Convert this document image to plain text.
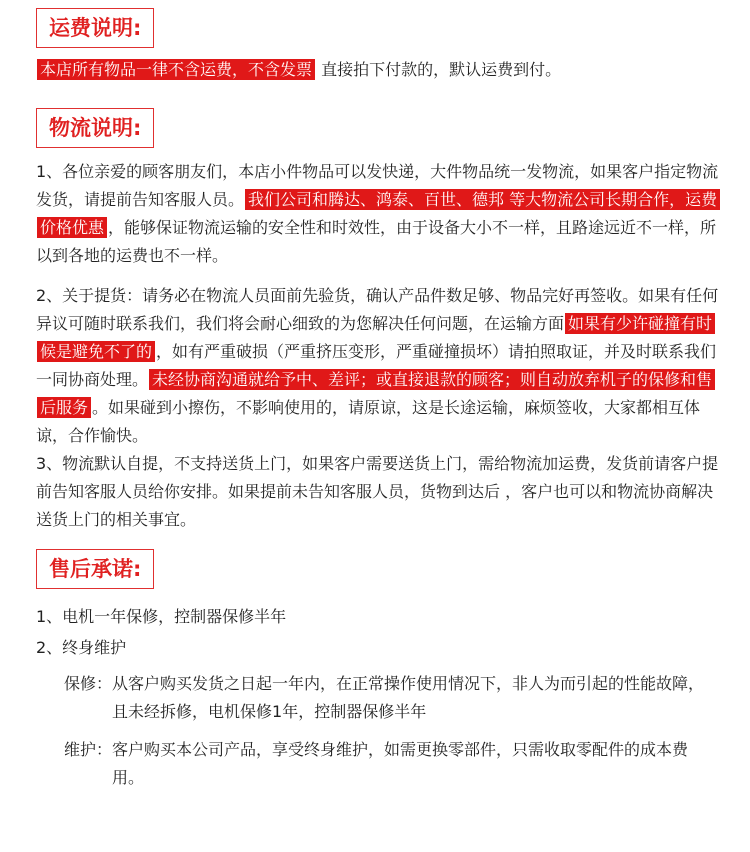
运费说明:
本店所有物品一律不含运费，不含发票 直接拍下付款的，默认运费到付。
物流说明:
1、各位亲爱的顾客朋友们，本店小件物品可以发快递，大件物品统一发物流，如果客户指定物流发货，请提前告知客服人员。 我们公司和腾达、鸿泰、百世、德邦 等大物流公司长期合作，运费价格优惠 ，能够保证物流运输的安全性和时效性，由于设备大小不一样，且路途远近不一样，所以到各地的运费也不一样。
2、关于提货：请务必在物流人员面前先验货，确认产品件数足够、物品完好再签收。如果有任何异议可随时联系我们，我们将会耐心细致的为您解决任何问题，在运输方面 如果有少许碰撞有时候是避免不了的 ，如有严重破损（严重挤压变形，严重碰撞损坏）请拍照取证，并及时联系我们一同协商处理。 未经协商沟通就给予中、差评；或直接退款的顾客；则自动放弃机子的保修和售后服务 。如果碰到小擦伤，不影响使用的，请原谅，这是长途运输，麻烦签收，大家都相互体谅，合作愉快。
3、物流默认自提，不支持送货上门，如果客户需要送货上门，需给物流加运费，发货前请客户提前告知客服人员给你安排。如果提前未告知客服人员，货物到达后 ，客户也可以和物流协商解决送货上门的相关事宜。
售后承诺:
1、电机一年保修，控制器保修半年
2、终身维护
保修： 从客户购买发货之日起一年内，在正常操作使用情况下，非人为而引起的性能故障，且未经拆修，电机保修1年，控制器保修半年
维护： 客户购买本公司产品，享受终身维护，如需更换零部件，只需收取零配件的成本费用。
